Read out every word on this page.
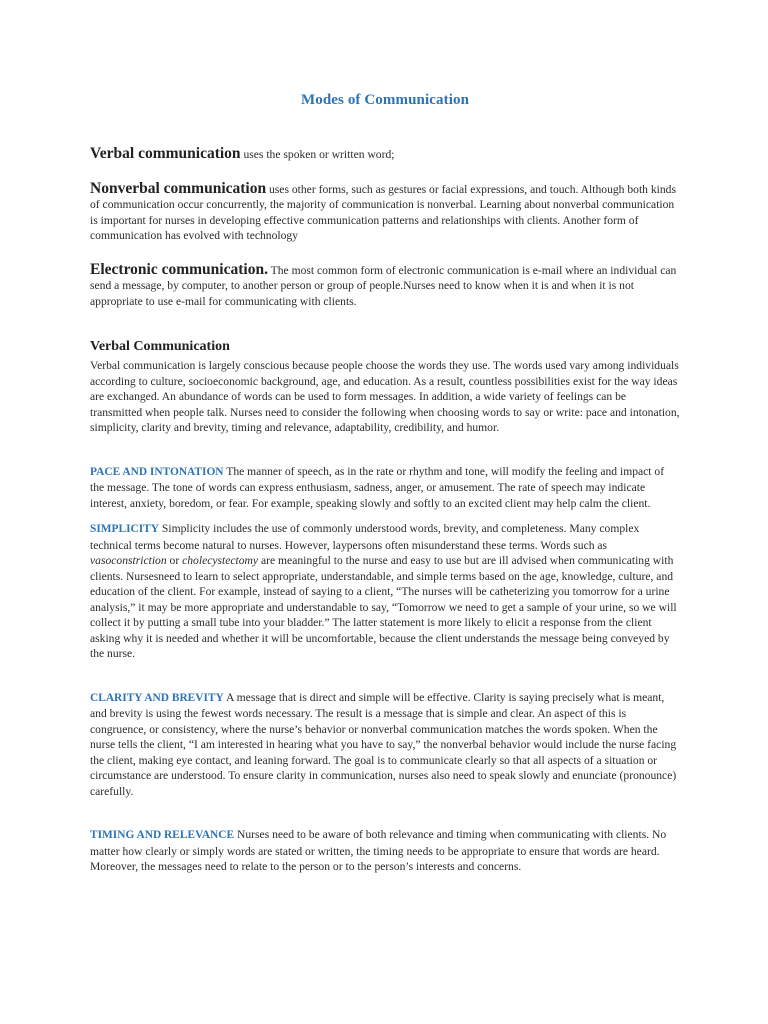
Modes of Communication

Verbal communication uses the spoken or written word;

Nonverbal communication uses other forms, such as gestures or facial expressions, and touch. Although both kinds of communication occur concurrently, the majority of communication is nonverbal. Learning about nonverbal communication is important for nurses in developing effective communication patterns and relationships with clients. Another form of communication has evolved with technology

Electronic communication. The most common form of electronic communication is e-mail where an individual can send a message, by computer, to another person or group of people.Nurses need to know when it is and when it is not appropriate to use e-mail for communicating with clients.

Verbal Communication

Verbal communication is largely conscious because people choose the words they use. The words used vary among individuals according to culture, socioeconomic background, age, and education. As a result, countless possibilities exist for the way ideas are exchanged. An abundance of words can be used to form messages. In addition, a wide variety of feelings can be transmitted when people talk. Nurses need to consider the following when choosing words to say or write: pace and intonation, simplicity, clarity and brevity, timing and relevance, adaptability, credibility, and humor.

PACE AND INTONATION The manner of speech, as in the rate or rhythm and tone, will modify the feeling and impact of the message. The tone of words can express enthusiasm, sadness, anger, or amusement. The rate of speech may indicate interest, anxiety, boredom, or fear. For example, speaking slowly and softly to an excited client may help calm the client.

SIMPLICITY Simplicity includes the use of commonly understood words, brevity, and completeness. Many complex technical terms become natural to nurses. However, laypersons often misunderstand these terms. Words such as vasoconstriction or cholecystectomy are meaningful to the nurse and easy to use but are ill advised when communicating with clients. Nursesneed to learn to select appropriate, understandable, and simple terms based on the age, knowledge, culture, and education of the client. For example, instead of saying to a client, “The nurses will be catheterizing you tomorrow for a urine analysis,” it may be more appropriate and understandable to say, “Tomorrow we need to get a sample of your urine, so we will collect it by putting a small tube into your bladder.” The latter statement is more likely to elicit a response from the client asking why it is needed and whether it will be uncomfortable, because the client understands the message being conveyed by the nurse.

CLARITY AND BREVITY A message that is direct and simple will be effective. Clarity is saying precisely what is meant, and brevity is using the fewest words necessary. The result is a message that is simple and clear. An aspect of this is congruence, or consistency, where the nurse’s behavior or nonverbal communication matches the words spoken. When the nurse tells the client, “I am interested in hearing what you have to say,” the nonverbal behavior would include the nurse facing the client, making eye contact, and leaning forward. The goal is to communicate clearly so that all aspects of a situation or circumstance are understood. To ensure clarity in communication, nurses also need to speak slowly and enunciate (pronounce) carefully.

TIMING AND RELEVANCE Nurses need to be aware of both relevance and timing when communicating with clients. No matter how clearly or simply words are stated or written, the timing needs to be appropriate to ensure that words are heard. Moreover, the messages need to relate to the person or to the person’s interests and concerns.
